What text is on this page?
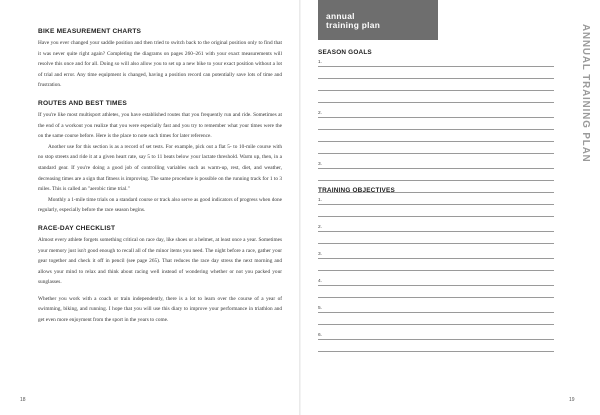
BIKE MEASUREMENT CHARTS

Have you ever changed your saddle position and then tried to switch back to the original position only to find that it was never quite right again? Completing the diagrams on pages 260–261 with your exact measurements will resolve this once and for all. Doing so will also allow you to set up a new bike to your exact position without a lot of trial and error. Any time equipment is changed, having a position record can potentially save lots of time and frustration.

ROUTES AND BEST TIMES

If you're like most multisport athletes, you have established routes that you frequently run and ride. Sometimes at the end of a workout you realize that you were especially fast and you try to remember what your times were the on the same course before. Here is the place to note such times for later reference.

Another use for this section is as a record of set tests. For example, pick out a flat 5- to 10-mile course with no stop streets and ride it at a given heart rate, say 5 to 11 beats below your lactate threshold. Warm up, then, in a standard gear. If you're doing a good job of controlling variables such as warm-up, rest, diet, and weather, decreasing times are a sign that fitness is improving. The same procedure is possible on the running track for 1 to 3 miles. This is called an "aerobic time trial."

Monthly a 1-mile time trials on a standard course or track also serve as good indicators of progress when done regularly, especially before the race season begins.

RACE-DAY CHECKLIST

Almost every athlete forgets something critical on race day, like shoes or a helmet, at least once a year. Sometimes your memory just isn't good enough to recall all of the minor items you need. The night before a race, gather your gear together and check it off in pencil (see page 265). That reduces the race day stress the next morning and allows your mind to relax and think about racing well instead of wondering whether or not you packed your sunglasses.

Whether you work with a coach or train independently, there is a lot to learn over the course of a year of swimming, biking, and running. I hope that you will use this diary to improve your performance in triathlon and get even more enjoyment from the sport in the years to come.

18
annual
training plan	ANNUAL TRAINING PLAN
SEASON GOALS
1.
2.
3.
TRAINING OBJECTIVES
1.
2.
3.
4.
5.
6.
19
